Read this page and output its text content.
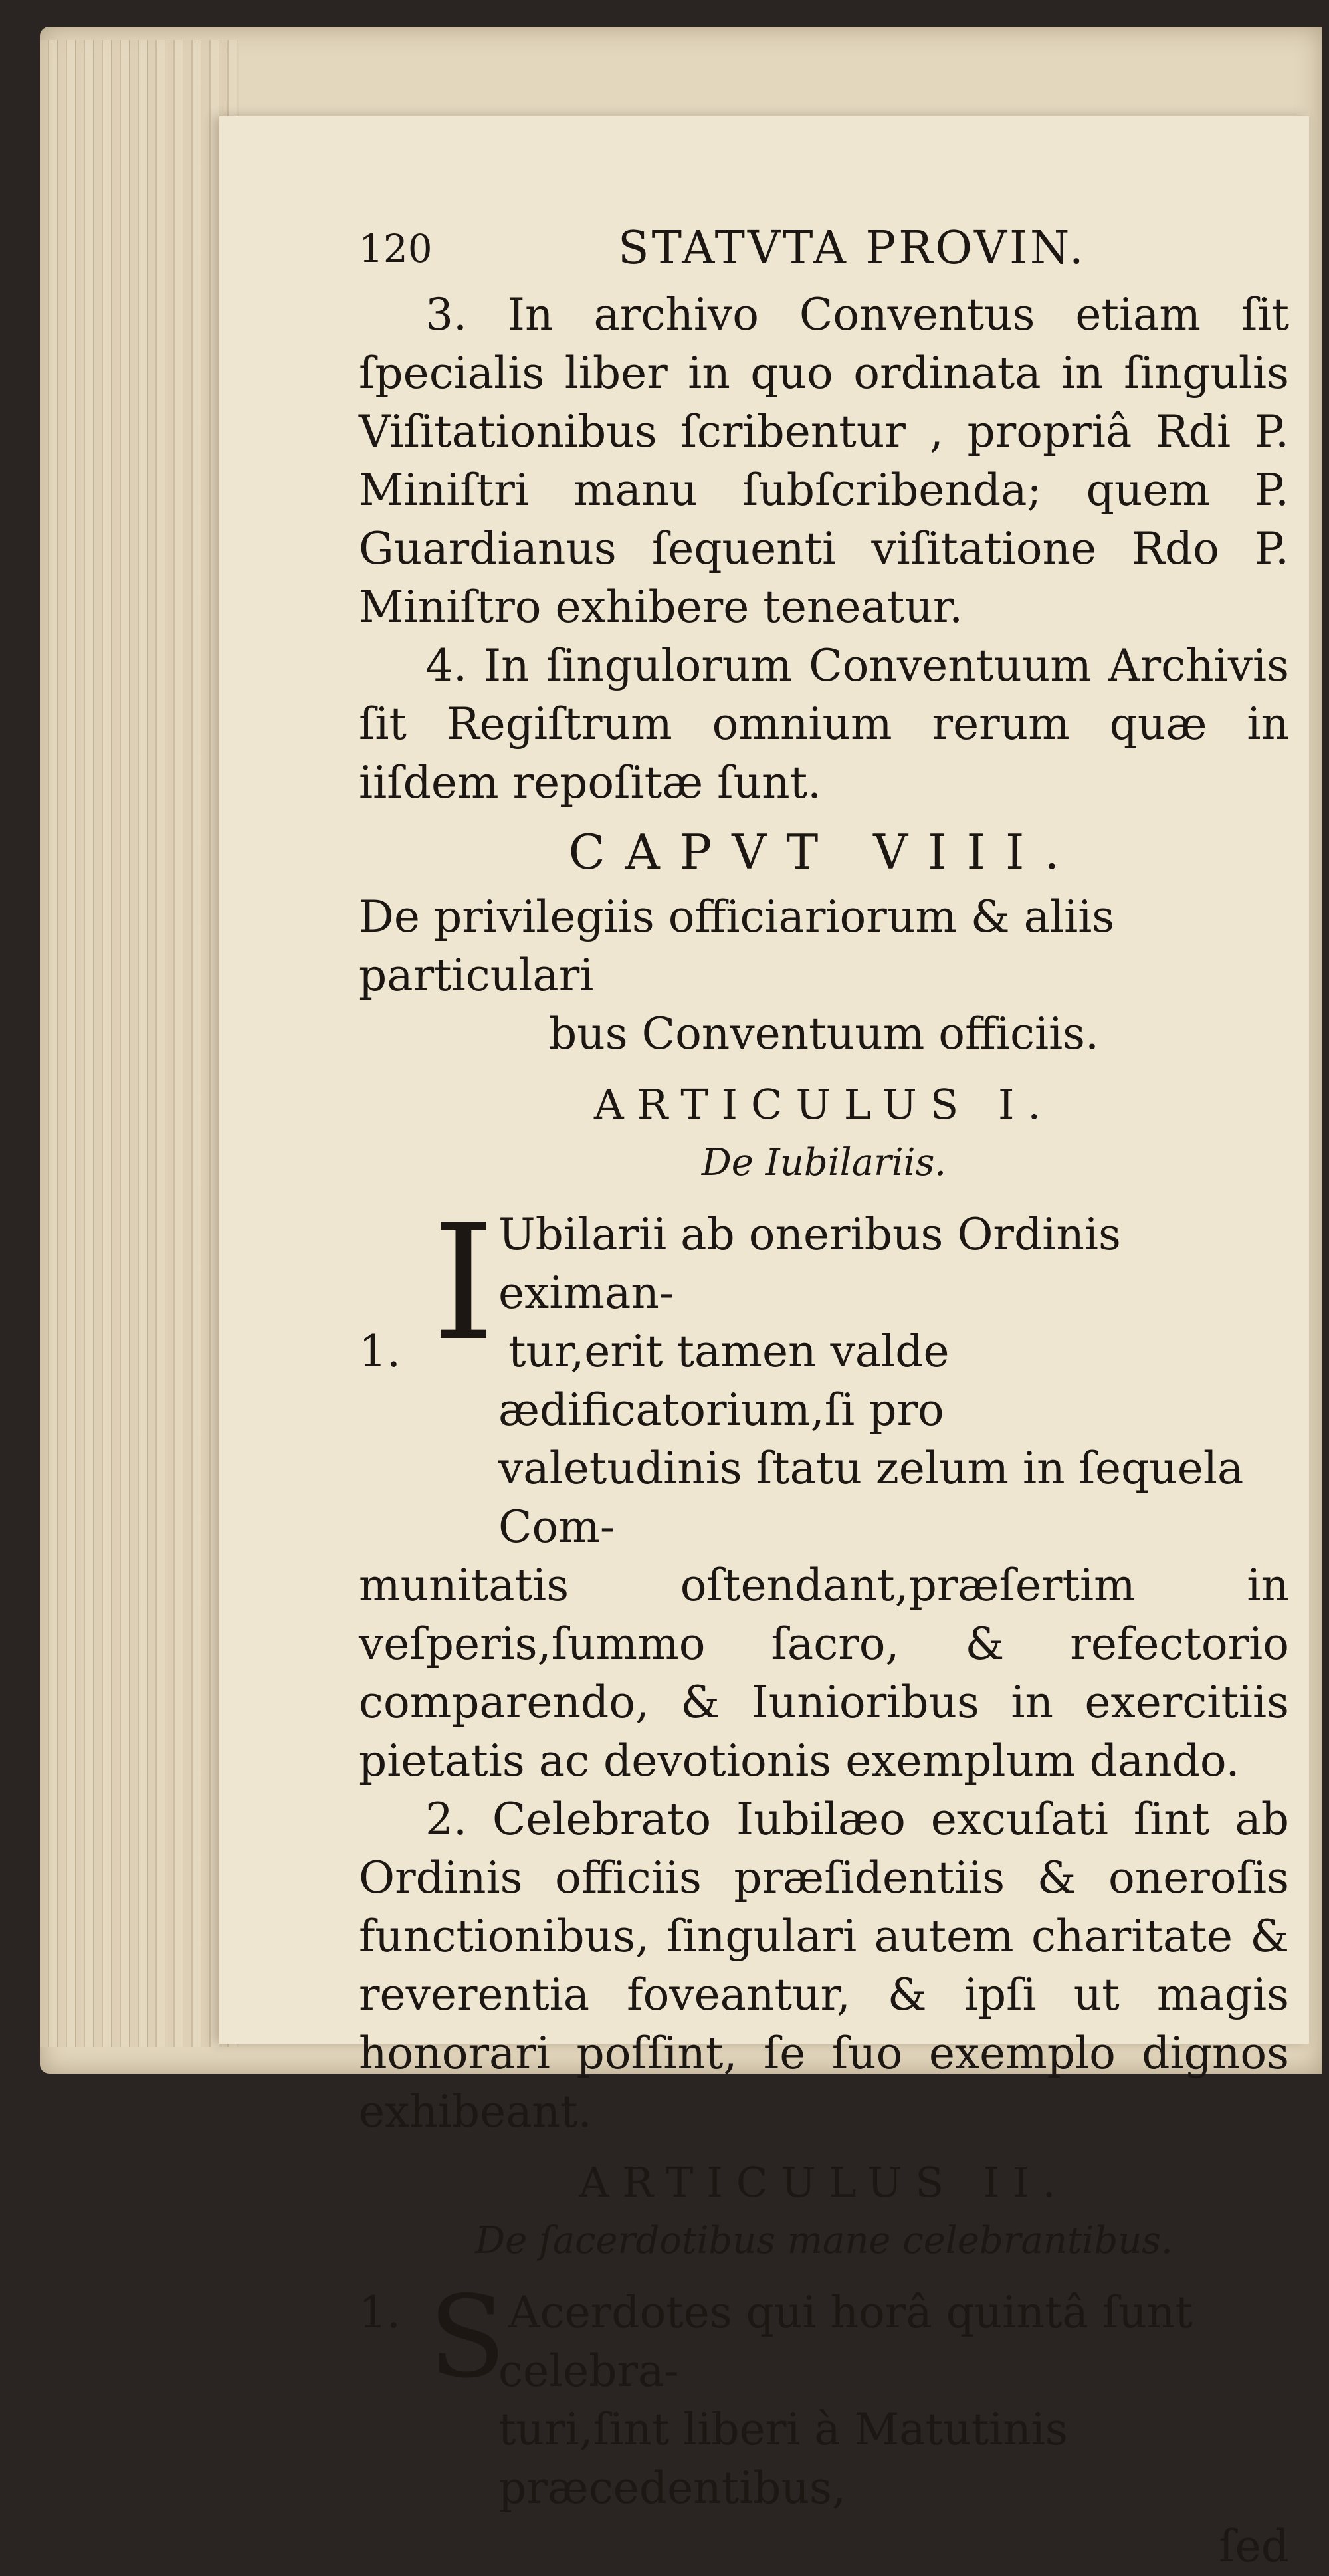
120	STATVTA PROVIN.

3. In archivo Conventus etiam ſit ſpecialis liber in quo ordinata in ſingulis Viſitationibus ſcribentur , propriâ Rdi P. Miniſtri manu ſubſcribenda; quem P. Guardianus ſequenti viſitatione Rdo P. Miniſtro exhibere teneatur.

4. In ſingulorum Conventuum Archivis ſit Regiſtrum omnium rerum quæ in iiſdem repoſitæ ſunt.

CAPVT VIII.

De privilegiis officiariorum & aliis particulari
bus Conventuum officiis.

ARTICULUS I.

De Iubilariis.

I Ubilarii ab oneribus Ordinis eximan-
1. tur,erit tamen valde ædificatorium,ſi pro
valetudinis ſtatu zelum in ſequela Com-

munitatis oſtendant,præſertim in veſperis,ſummo ſacro, & refectorio comparendo, & Iunioribus in exercitiis pietatis ac devotionis exemplum dando.

2. Celebrato Iubilæo excuſati ſint ab Ordinis officiis præſidentiis & oneroſis functionibus, ſingulari autem charitate & reverentia foveantur, & ipſi ut magis honorari poſſint, ſe ſuo exemplo dignos exhibeant.

ARTICULUS II.

De ſacerdotibus mane celebrantibus.

S
1. Acerdotes qui horâ quintâ ſunt celebra-
turi,ſint liberi à Matutinis præcedentibus,

ſed
